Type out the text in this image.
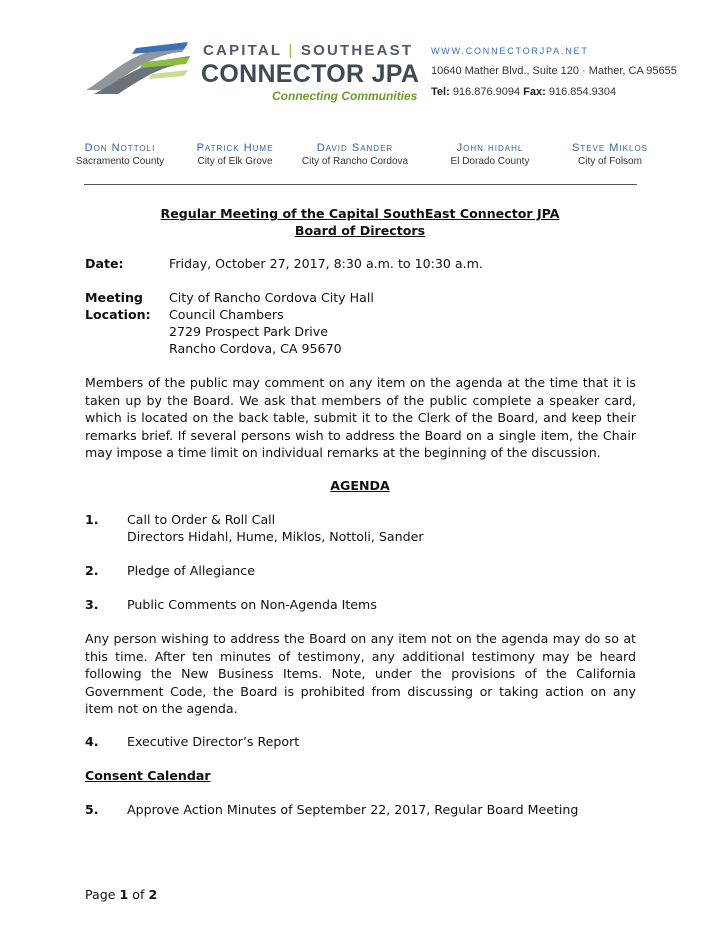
CAPITAL | SOUTHEAST
CONNECTOR JPA
Connecting Communities
WWW.CONNECTORJPA.NET
10640 Mather Blvd., Suite 120 · Mather, CA 95655
Tel: 916.876.9094 Fax: 916.854.9304
Don Nottoli
Sacramento County
Patrick Hume
City of Elk Grove
David Sander
City of Rancho Cordova
John hidahl
El Dorado County
Steve Miklos
City of Folsom
Regular Meeting of the Capital SouthEast Connector JPA
Board of Directors
Date:	Friday, October 27, 2017, 8:30 a.m. to 10:30 a.m.
Meeting
Location:
City of Rancho Cordova City Hall
Council Chambers
2729 Prospect Park Drive
Rancho Cordova, CA 95670
Members of the public may comment on any item on the agenda at the time that it is taken up by the Board. We ask that members of the public complete a speaker card, which is located on the back table, submit it to the Clerk of the Board, and keep their remarks brief. If several persons wish to address the Board on a single item, the Chair may impose a time limit on individual remarks at the beginning of the discussion.
AGENDA
1. Call to Order & Roll Call
Directors Hidahl, Hume, Miklos, Nottoli, Sander
2. Pledge of Allegiance
3. Public Comments on Non-Agenda Items
Any person wishing to address the Board on any item not on the agenda may do so at this time. After ten minutes of testimony, any additional testimony may be heard following the New Business Items. Note, under the provisions of the California Government Code, the Board is prohibited from discussing or taking action on any item not on the agenda.
4. Executive Director’s Report
Consent Calendar
5. Approve Action Minutes of September 22, 2017, Regular Board Meeting
Page 1 of 2
